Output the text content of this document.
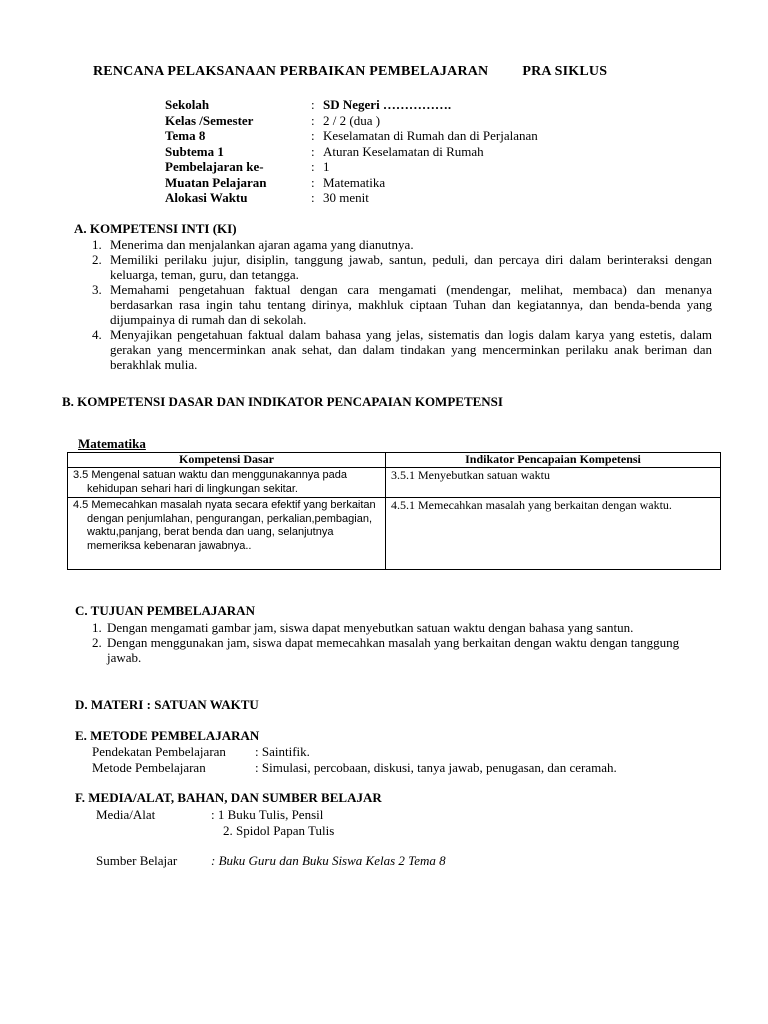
RENCANA PELAKSANAAN PERBAIKAN PEMBELAJARAN PRA SIKLUS
Sekolah	: SD Negeri …………….
Kelas /Semester	: 2 / 2 (dua )
Tema 8	: Keselamatan di Rumah dan di Perjalanan
Subtema 1	: Aturan Keselamatan di Rumah
Pembelajaran ke-	: 1
Muatan Pelajaran	: Matematika
Alokasi Waktu	: 30 menit
A. KOMPETENSI INTI (KI)
1. Menerima dan menjalankan ajaran agama yang dianutnya.
2. Memiliki perilaku jujur, disiplin, tanggung jawab, santun, peduli, dan percaya diri dalam berinteraksi dengan keluarga, teman, guru, dan tetangga.
3. Memahami pengetahuan faktual dengan cara mengamati (mendengar, melihat, membaca) dan menanya berdasarkan rasa ingin tahu tentang dirinya, makhluk ciptaan Tuhan dan kegiatannya, dan benda-benda yang dijumpainya di rumah dan di sekolah.
4. Menyajikan pengetahuan faktual dalam bahasa yang jelas, sistematis dan logis dalam karya yang estetis, dalam gerakan yang mencerminkan anak sehat, dan dalam tindakan yang mencerminkan perilaku anak beriman dan berakhlak mulia.
B. KOMPETENSI DASAR DAN INDIKATOR PENCAPAIAN KOMPETENSI
Matematika
Kompetensi Dasar	Indikator Pencapaian Kompetensi

3.5 Mengenal satuan waktu dan menggunakannya pada kehidupan sehari hari di lingkungan sekitar.	3.5.1 Menyebutkan satuan waktu

4.5 Memecahkan masalah nyata secara efektif yang berkaitan dengan penjumlahan, pengurangan, perkalian,pembagian, waktu,panjang, berat benda dan uang, selanjutnya memeriksa kebenaran jawabnya..	4.5.1 Memecahkan masalah yang berkaitan dengan waktu.
C. TUJUAN PEMBELAJARAN
1. Dengan mengamati gambar jam, siswa dapat menyebutkan satuan waktu dengan bahasa yang santun.
2. Dengan menggunakan jam, siswa dapat memecahkan masalah yang berkaitan dengan waktu dengan tanggung jawab.
D. MATERI : SATUAN WAKTU
E. METODE PEMBELAJARAN
Pendekatan Pembelajaran	: Saintifik.
Metode Pembelajaran	: Simulasi, percobaan, diskusi, tanya jawab, penugasan, dan ceramah.
F. MEDIA/ALAT, BAHAN, DAN SUMBER BELAJAR
Media/Alat	: 1 Buku Tulis, Pensil
2. Spidol Papan Tulis
Sumber Belajar	: Buku Guru dan Buku Siswa Kelas 2 Tema 8
